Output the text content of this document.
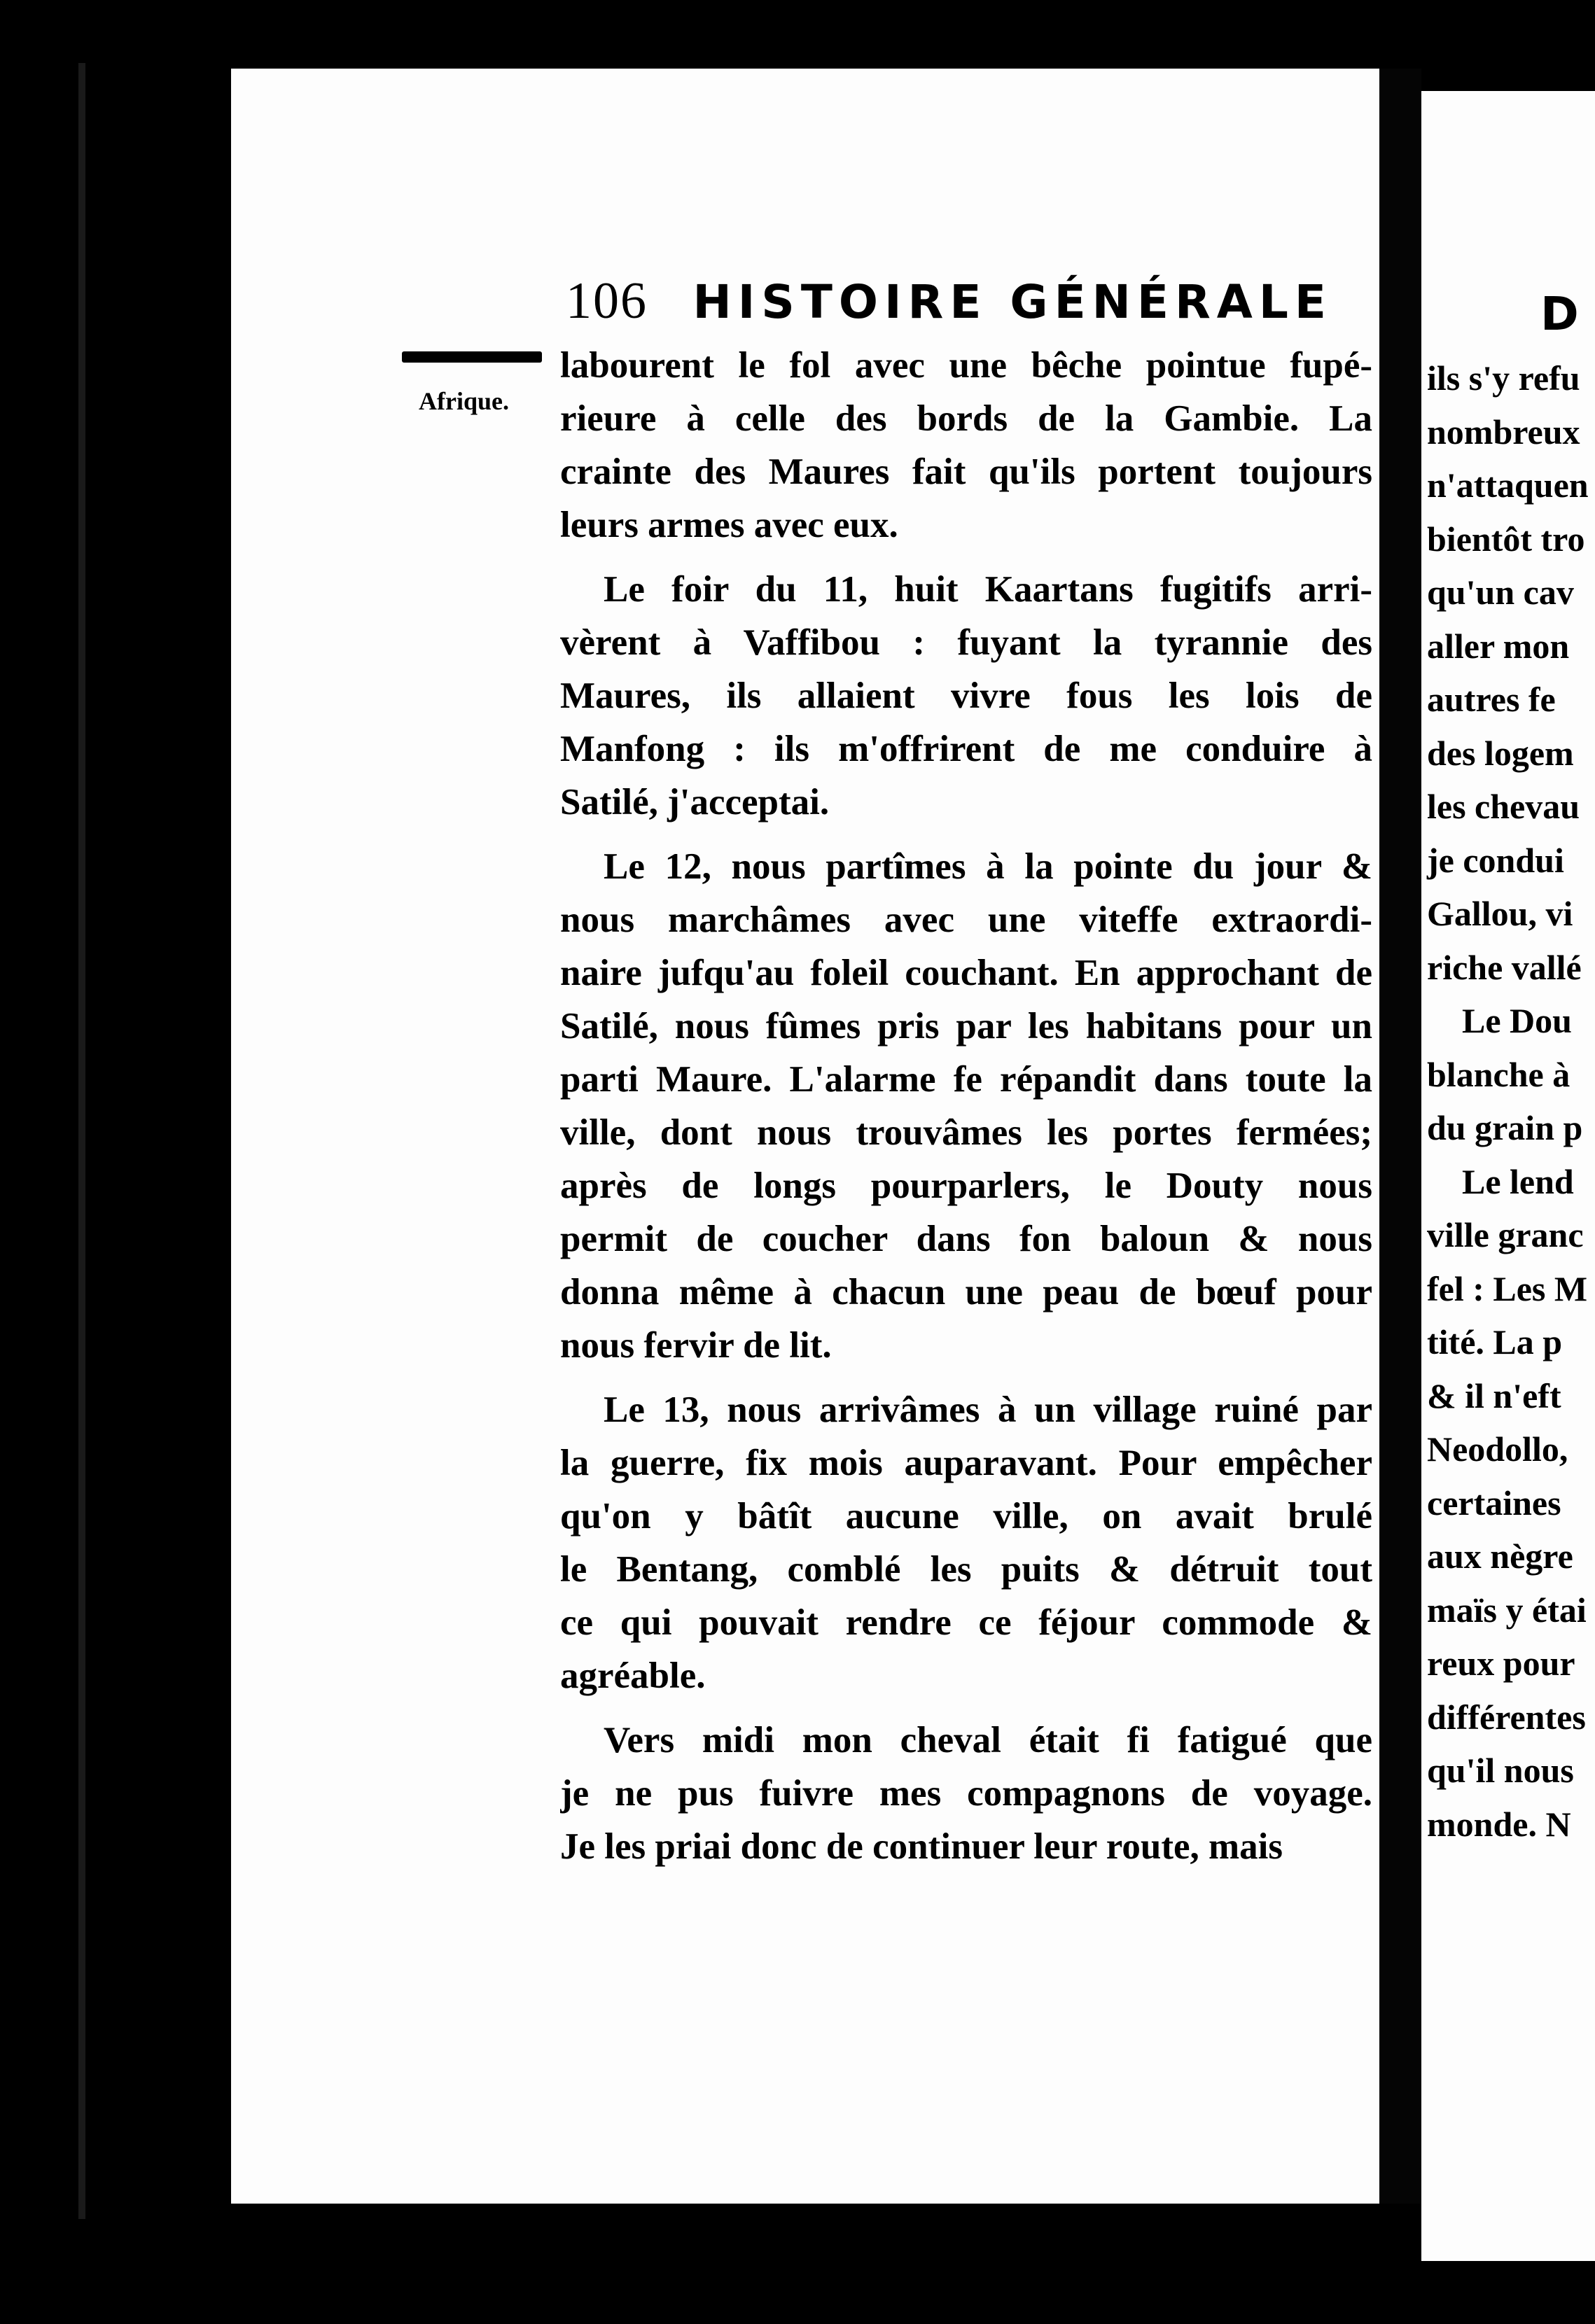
D
ils s'y refu
nombreux
n'attaquen
bientôt tro
qu'un cav
aller mon
autres fe
des logem
les chevau
je condui
Gallou, vi
riche vallé
Le Dou
blanche à
du grain p
Le lend
ville granc
fel : Les M
tité. La p
& il n'eft
Neodollo,
certaines
aux nègre
maïs y étai
reux pour
différentes
qu'il nous
monde. N
106 HISTOIRE GÉNÉRALE
Afrique.
labourent le fol avec une bêche pointue fupé-
rieure à celle des bords de la Gambie. La
crainte des Maures fait qu'ils portent toujours
leurs armes avec eux.
Le foir du 11, huit Kaartans fugitifs arri-
vèrent à Vaffibou : fuyant la tyrannie des
Maures, ils allaient vivre fous les lois de
Manfong : ils m'offrirent de me conduire à
Satilé, j'acceptai.
Le 12, nous partîmes à la pointe du jour &
nous marchâmes avec une viteffe extraordi-
naire jufqu'au foleil couchant. En approchant de
Satilé, nous fûmes pris par les habitans pour un
parti Maure. L'alarme fe répandit dans toute la
ville, dont nous trouvâmes les portes fermées;
après de longs pourparlers, le Douty nous
permit de coucher dans fon baloun & nous
donna même à chacun une peau de bœuf pour
nous fervir de lit.
Le 13, nous arrivâmes à un village ruiné par
la guerre, fix mois auparavant. Pour empêcher
qu'on y bâtît aucune ville, on avait brulé
le Bentang, comblé les puits & détruit tout
ce qui pouvait rendre ce féjour commode &
agréable.
Vers midi mon cheval était fi fatigué que
je ne pus fuivre mes compagnons de voyage.
Je les priai donc de continuer leur route, mais
